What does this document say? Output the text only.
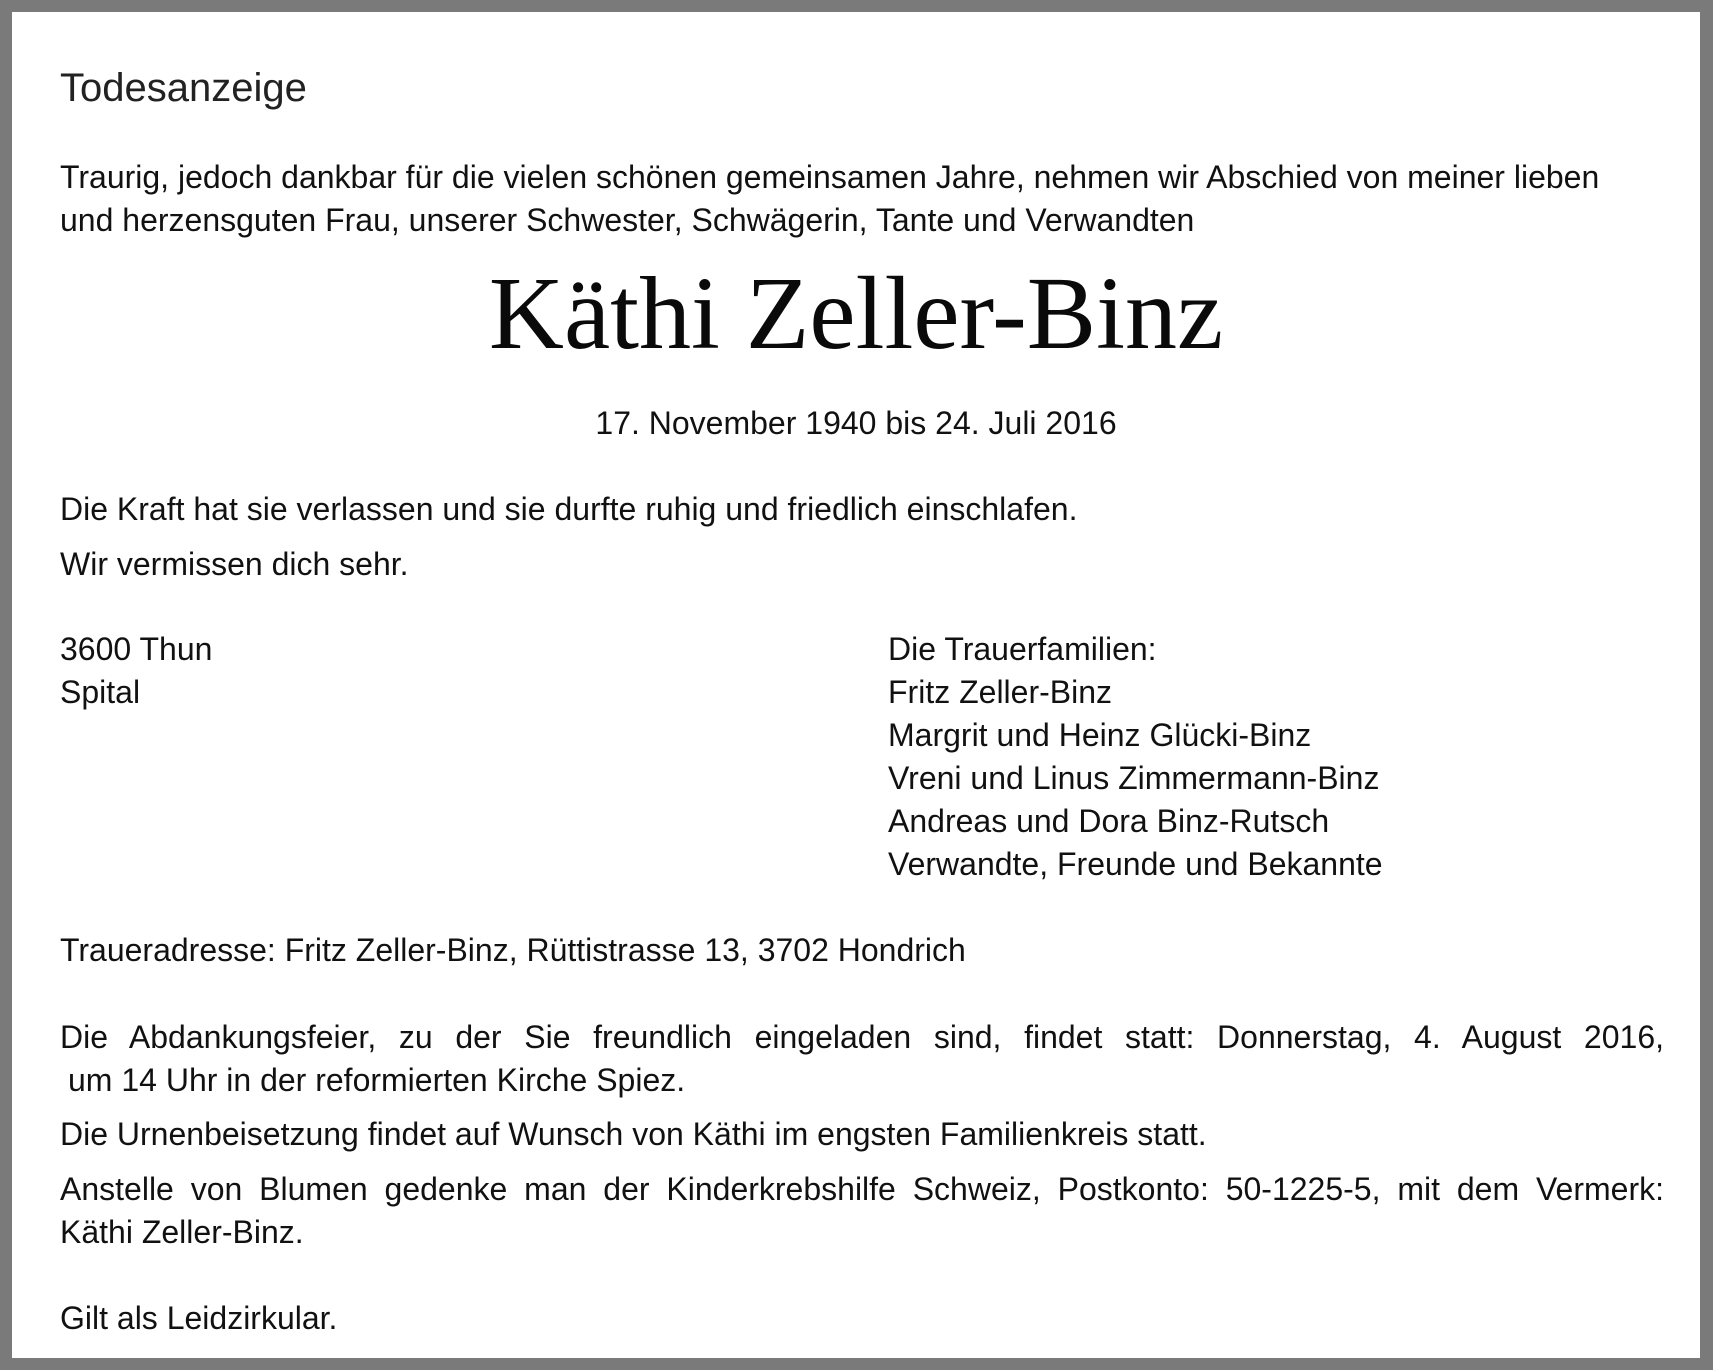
Todesanzeige

Traurig, jedoch dankbar für die vielen schönen gemeinsamen Jahre, nehmen wir Abschied von meiner lieben
und herzensguten Frau, unserer Schwester, Schwägerin, Tante und Verwandten

Käthi Zeller-Binz

17. November 1940 bis 24. Juli 2016

Die Kraft hat sie verlassen und sie durfte ruhig und friedlich einschlafen.

Wir vermissen dich sehr.

3600 Thun
Spital

Die Trauerfamilien:
Fritz Zeller-Binz
Margrit und Heinz Glücki-Binz
Vreni und Linus Zimmermann-Binz
Andreas und Dora Binz-Rutsch
Verwandte, Freunde und Bekannte

Traueradresse: Fritz Zeller-Binz, Rüttistrasse 13, 3702 Hondrich

Die Abdankungsfeier, zu der Sie freundlich eingeladen sind, findet statt: Donnerstag, 4. August 2016,
um 14 Uhr in der reformierten Kirche Spiez.

Die Urnenbeisetzung findet auf Wunsch von Käthi im engsten Familienkreis statt.

Anstelle von Blumen gedenke man der Kinderkrebshilfe Schweiz, Postkonto: 50-1225-5, mit dem Vermerk:
Käthi Zeller-Binz.

Gilt als Leidzirkular.
